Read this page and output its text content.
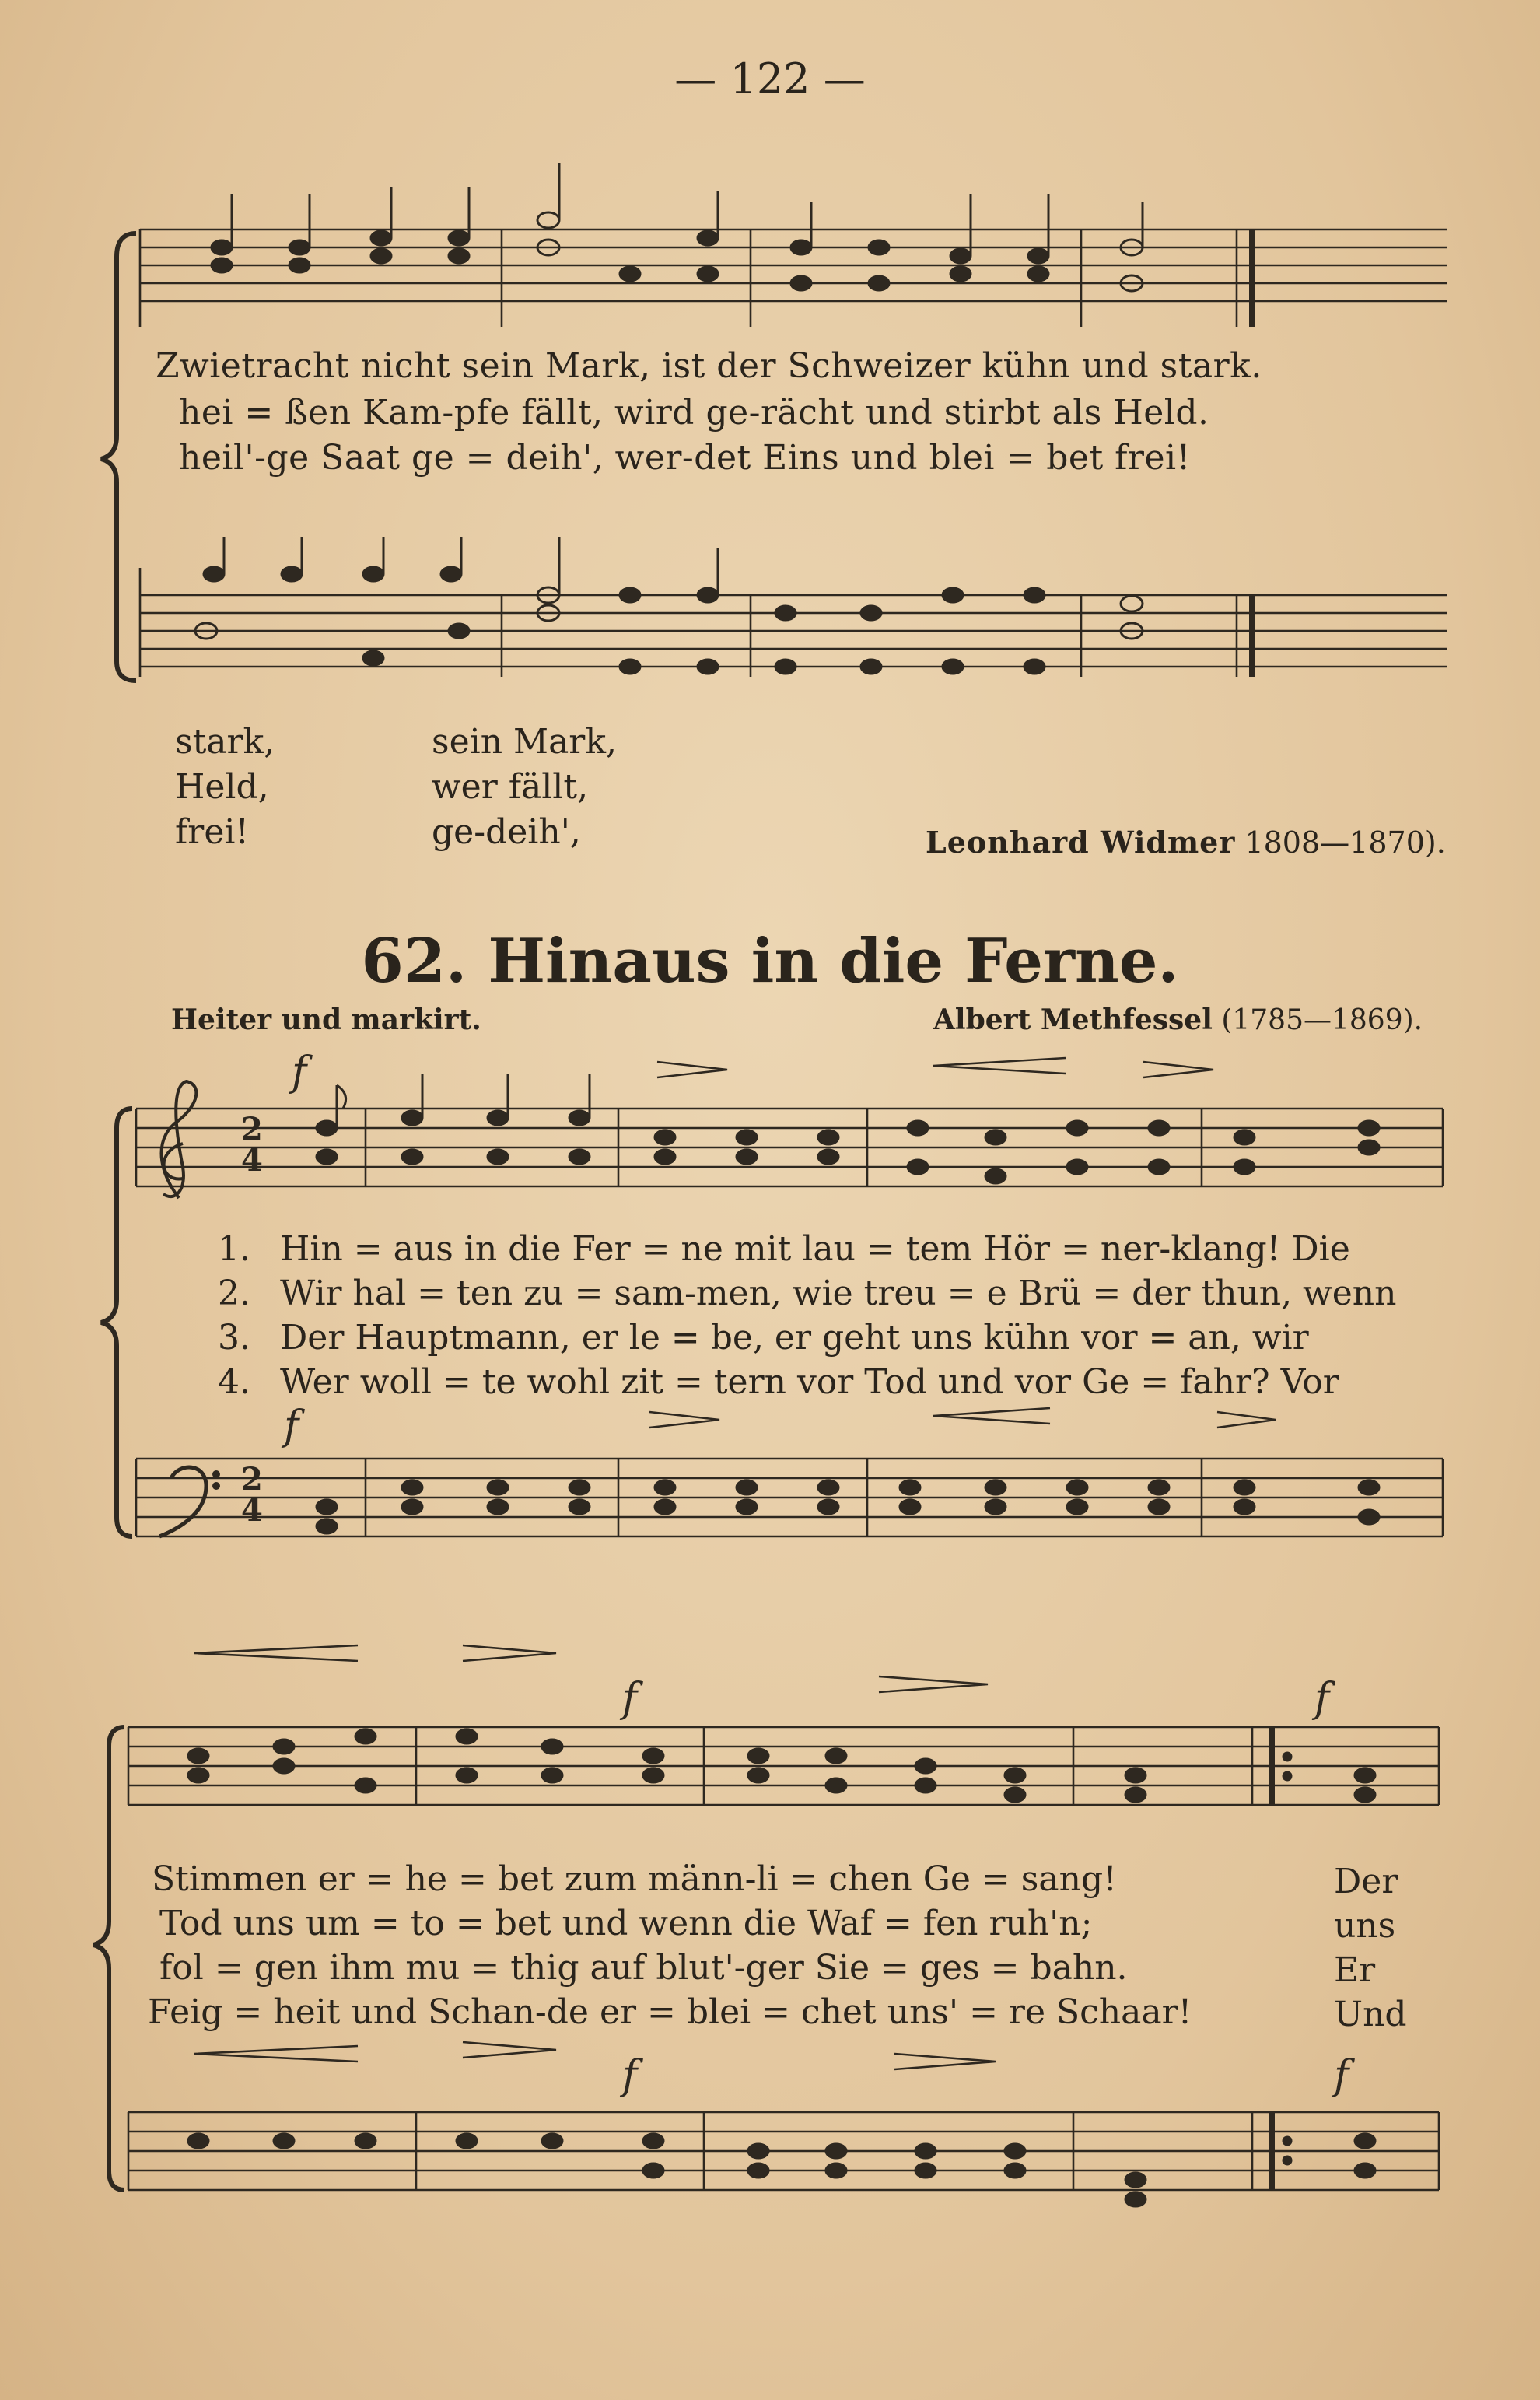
— 122 —
Zwietracht nicht sein Mark, ist der Schweizer kühn und stark.
hei = ßen Kam-pfe fällt, wird ge-rächt und stirbt als Held.
heil'-ge Saat ge = deih', wer-det Eins und blei = bet frei!
stark,
Held,
frei!
sein Mark,
wer fällt,
ge-deih',	Leonhard Widmer 1808—1870).
62. Hinaus in die Ferne.
Heiter und markirt.	Albert Methfessel (1785—1869).
2
4
2
4
f
f
1. Hin = aus in die Fer = ne mit lau = tem Hör = ner-klang! Die
2. Wir hal = ten zu = sam-men, wie treu = e Brü = der thun, wenn
3. Der Hauptmann, er le = be, er geht uns kühn vor = an, wir
4. Wer woll = te wohl zit = tern vor Tod und vor Ge = fahr? Vor
f	f
f	f
Stimmen er = he = bet zum männ-li = chen Ge = sang!
Tod uns um = to = bet und wenn die Waf = fen ruh'n;
fol = gen ihm mu = thig auf blut'-ger Sie = ges = bahn.
Feig = heit und Schan-de er = blei = chet uns' = re Schaar!
Der
uns
Er
Und
